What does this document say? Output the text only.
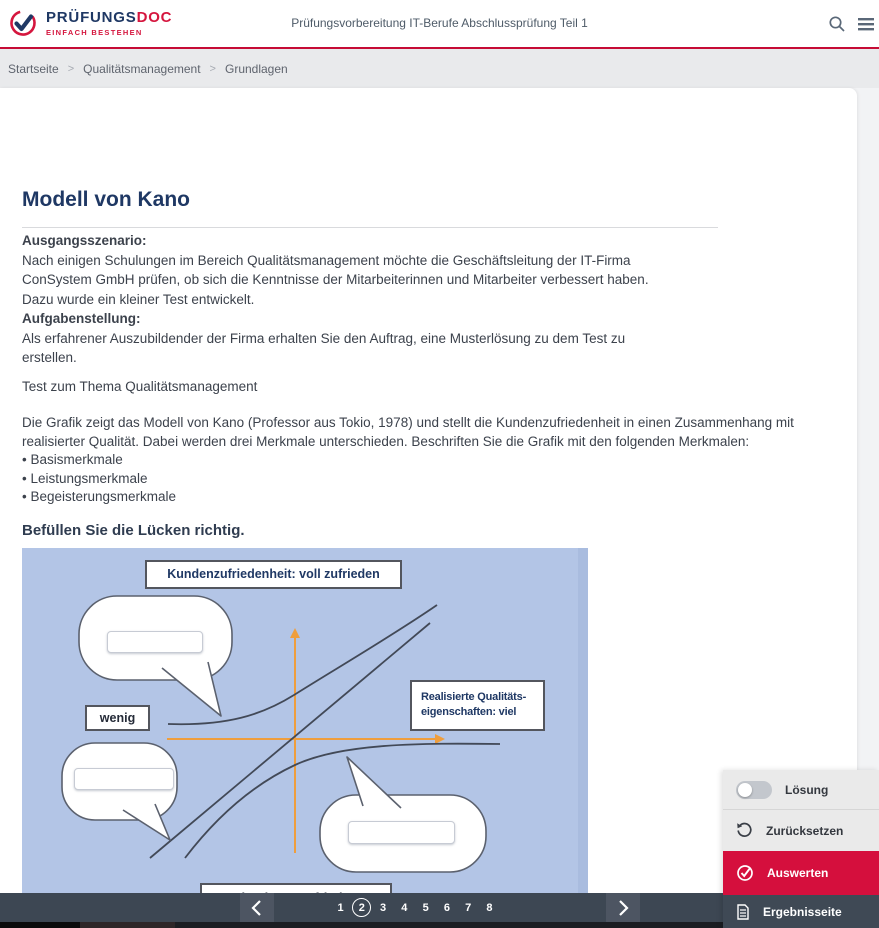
PRÜFUNGSDOC
EINFACH BESTEHEN
Prüfungsvorbereitung IT-Berufe Abschlussprüfung Teil 1
Startseite > Qualitätsmanagement > Grundlagen
Modell von Kano
Ausgangsszenario:
Nach einigen Schulungen im Bereich Qualitätsmanagement möchte die Geschäftsleitung der IT-Firma
ConSystem GmbH prüfen, ob sich die Kenntnisse der Mitarbeiterinnen und Mitarbeiter verbessert haben.
Dazu wurde ein kleiner Test entwickelt.
Aufgabenstellung:
Als erfahrener Auszubildender der Firma erhalten Sie den Auftrag, eine Musterlösung zu dem Test zu
erstellen.
Test zum Thema Qualitätsmanagement
Die Grafik zeigt das Modell von Kano (Professor aus Tokio, 1978) und stellt die Kundenzufriedenheit in einen Zusammenhang mit
realisierter Qualität. Dabei werden drei Merkmale unterschieden. Beschriften Sie die Grafik mit den folgenden Merkmalen:
• Basismerkmale
• Leistungsmerkmale
• Begeisterungsmerkmale
Befüllen Sie die Lücken richtig.
Kundenzufriedenheit: voll zufrieden
wenig
Realisierte Qualitäts-
eigenschaften: viel
1	2	3	4	5	6	7	8
Lösung
Zurücksetzen
Auswerten
Ergebnisseite
